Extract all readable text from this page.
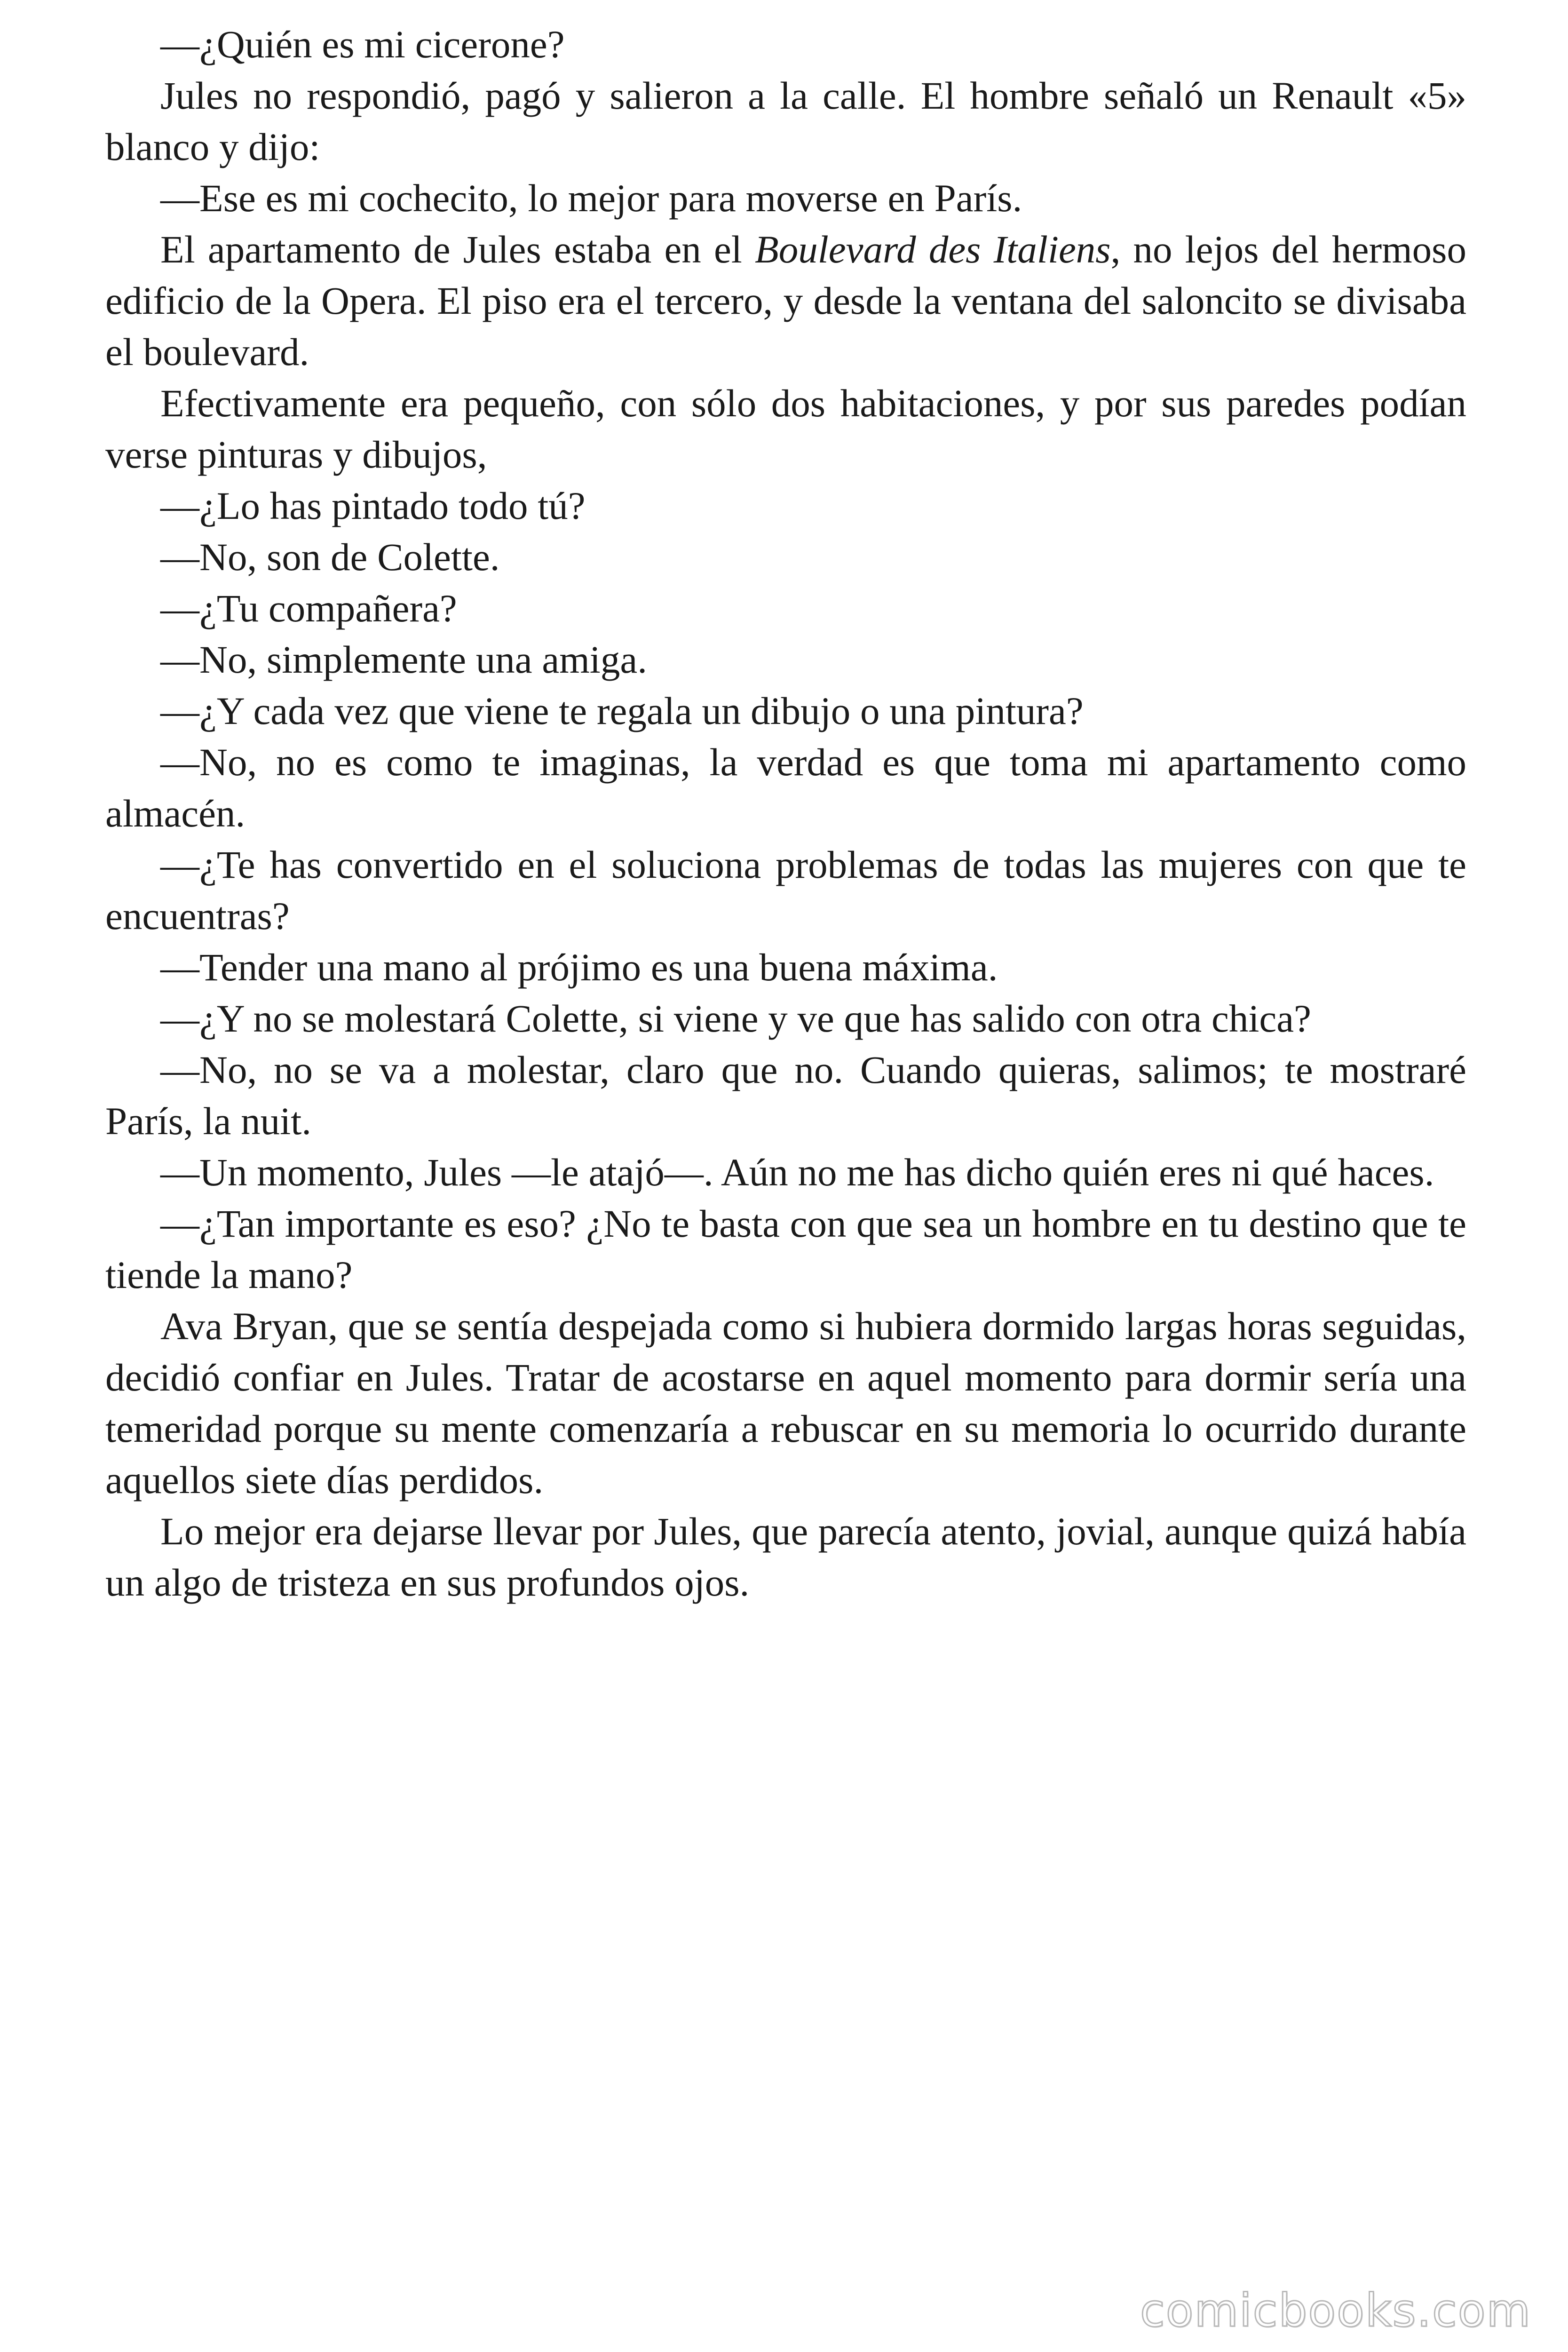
—¿Quién es mi cicerone?

Jules no respondió, pagó y salieron a la calle. El hombre señaló un Renault «5» blanco y dijo:

—Ese es mi cochecito, lo mejor para moverse en París.

El apartamento de Jules estaba en el Boulevard des Italiens, no lejos del hermoso edificio de la Opera. El piso era el tercero, y desde la ventana del saloncito se divisaba el boulevard.

Efectivamente era pequeño, con sólo dos habitaciones, y por sus paredes podían verse pinturas y dibujos,

—¿Lo has pintado todo tú?

—No, son de Colette.

—¿Tu compañera?

—No, simplemente una amiga.

—¿Y cada vez que viene te regala un dibujo o una pintura?

—No, no es como te imaginas, la verdad es que toma mi apartamento como almacén.

—¿Te has convertido en el soluciona problemas de todas las mujeres con que te encuentras?

—Tender una mano al prójimo es una buena máxima.

—¿Y no se molestará Colette, si viene y ve que has salido con otra chica?

—No, no se va a molestar, claro que no. Cuando quieras, salimos; te mostraré París, la nuit.

—Un momento, Jules —le atajó—. Aún no me has dicho quién eres ni qué haces.

—¿Tan importante es eso? ¿No te basta con que sea un hombre en tu destino que te tiende la mano?

Ava Bryan, que se sentía despejada como si hubiera dormido largas horas seguidas, decidió confiar en Jules. Tratar de acostarse en aquel momento para dormir sería una temeridad porque su mente comenzaría a rebuscar en su memoria lo ocurrido durante aquellos siete días perdidos.

Lo mejor era dejarse llevar por Jules, que parecía atento, jovial, aunque quizá había un algo de tristeza en sus profundos ojos.

comicbooks.com
